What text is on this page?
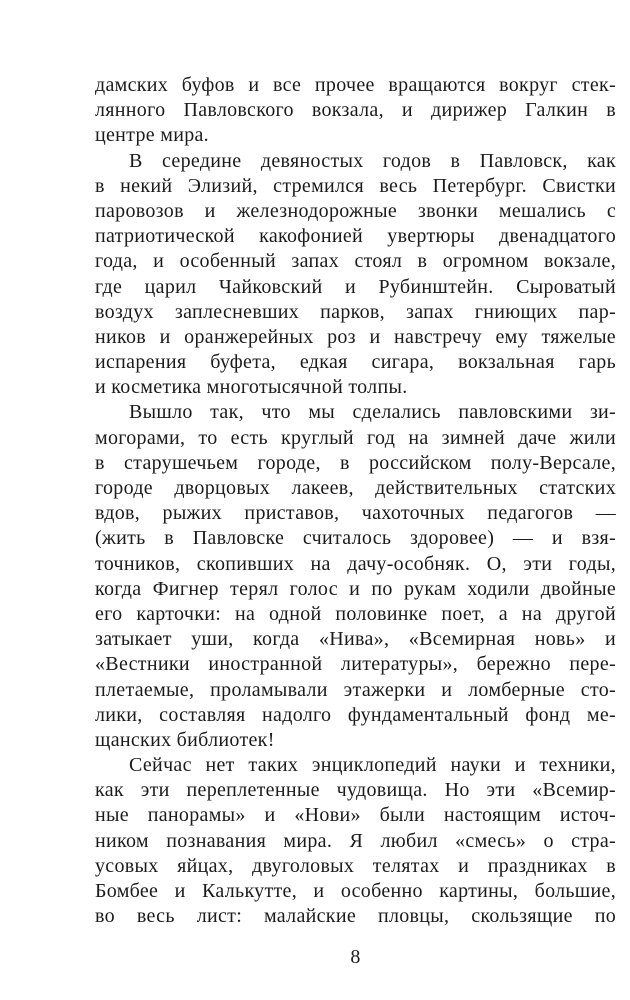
дамских буфов и все прочее вращаются вокруг стек-
лянного Павловского вокзала, и дирижер Галкин в
центре мира.
В середине девяностых годов в Павловск, как
в некий Элизий, стремился весь Петербург. Свистки
паровозов и железнодорожные звонки мешались с
патриотической какофонией увертюры двенадцатого
года, и особенный запах стоял в огромном вокзале,
где царил Чайковский и Рубинштейн. Сыроватый
воздух заплесневших парков, запах гниющих пар-
ников и оранжерейных роз и навстречу ему тяжелые
испарения буфета, едкая сигара, вокзальная гарь
и косметика многотысячной толпы.
Вышло так, что мы сделались павловскими зи-
могорами, то есть круглый год на зимней даче жили
в старушечьем городе, в российском полу-Версале,
городе дворцовых лакеев, действительных статских
вдов, рыжих приставов, чахоточных педагогов —
(жить в Павловске считалось здоровее) — и взя-
точников, скопивших на дачу-особняк. О, эти годы,
когда Фигнер терял голос и по рукам ходили двойные
его карточки: на одной половинке поет, а на другой
затыкает уши, когда «Нива», «Всемирная новь» и
«Вестники иностранной литературы», бережно пере-
плетаемые, проламывали этажерки и ломберные сто-
лики, составляя надолго фундаментальный фонд ме-
щанских библиотек!
Сейчас нет таких энциклопедий науки и техники,
как эти переплетенные чудовища. Но эти «Всемир-
ные панорамы» и «Нови» были настоящим источ-
ником познавания мира. Я любил «смесь» о стра-
усовых яйцах, двуголовых телятах и праздниках в
Бомбее и Калькутте, и особенно картины, большие,
во весь лист: малайские пловцы, скользящие по
8
